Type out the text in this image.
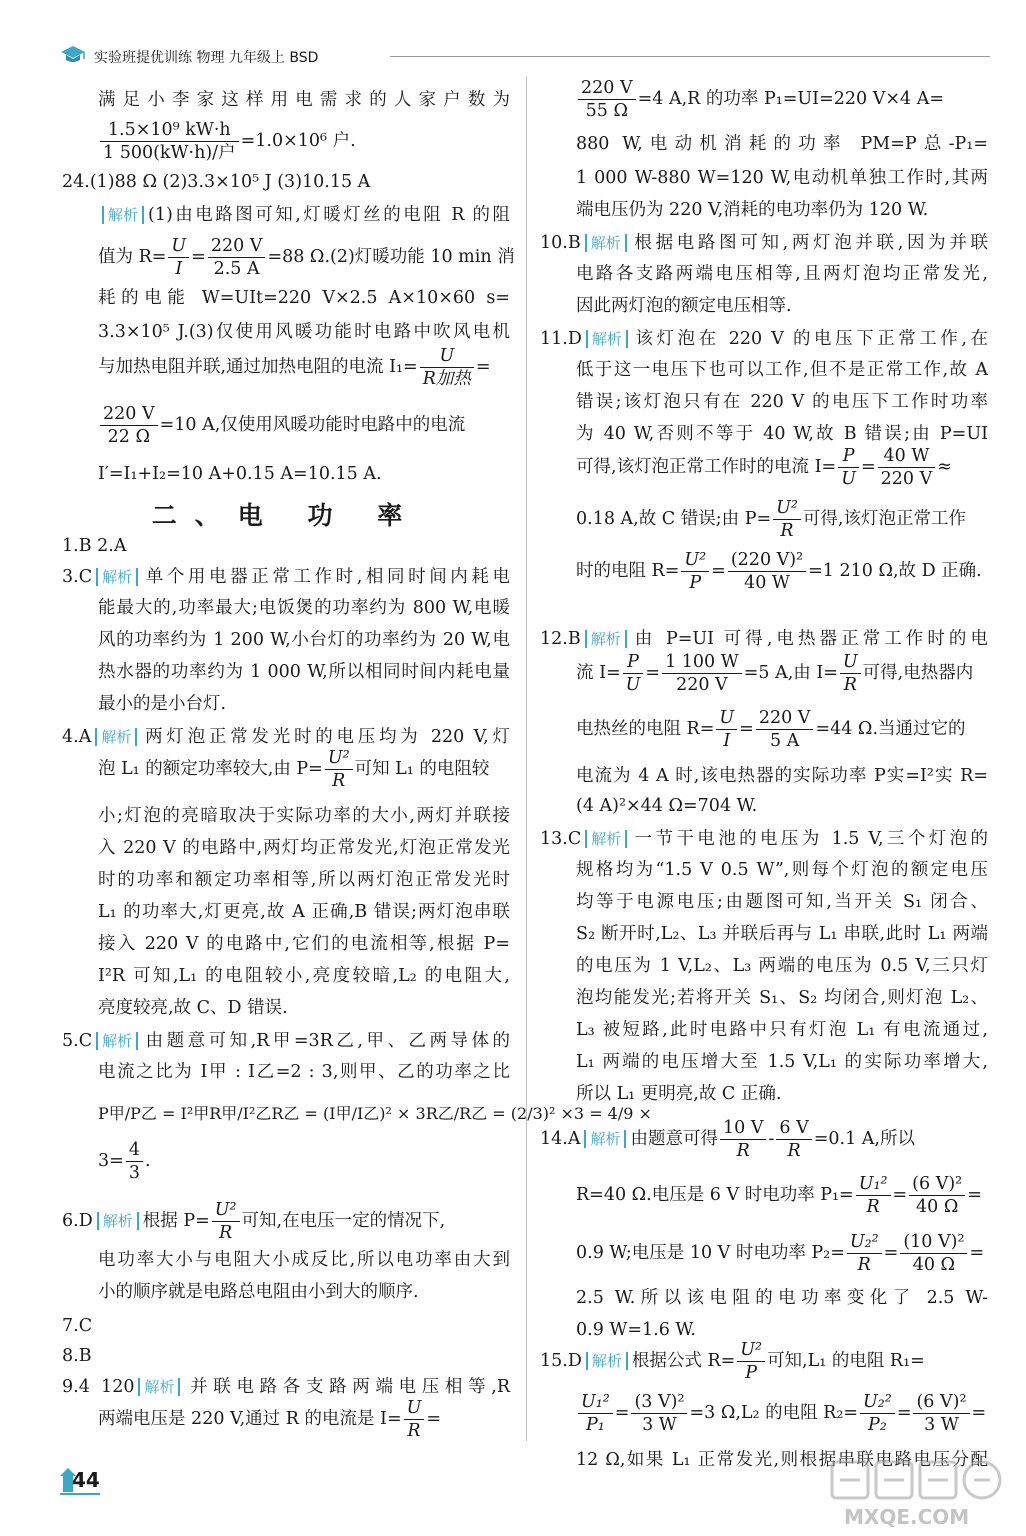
实验班提优训练 物理 九年级上 BSD
满足小李家这样用电需求的人家户数为
$\frac{\text{1.5×10⁹ kW·h}}{\text{1 500(kW·h)/户}} =1.0\times 10^6$ 户.
24.(1)88 Ω (2)3.3×10⁵ J (3)10.15 A
解析 (1)由电路图可知,灯暖灯丝的电阻 R 的阻
值为 $R= \frac{U}{I} = \frac{220 V}{2.5 A} =88$ Ω.(2)灯暖功能 10 min 消
耗的电能 W=UIt=220 V×2.5 A×10×60 s=
3.3×10⁵ J.(3)仅使用风暖功能时电路中吹风电机
与加热电阻并联,通过加热电阻的电流 $I_1= \frac{U}{\text{R加热}}$ =
$\frac{220 V}{22 \Omega} =10$ A,仅使用风暖功能时电路中的电流
I′=I₁+I₂=10 A+0.15 A=10.15 A.
二、电 功 率
1.B 2.A
3.C 解析 单个用电器正常工作时,相同时间内耗电
能最大的,功率最大;电饭煲的功率约为 800 W,电暖
风的功率约为 1 200 W,小台灯的功率约为 20 W,电
热水器的功率约为 1 000 W,所以相同时间内耗电量
最小的是小台灯.
4.A 解析 两灯泡正常发光时的电压均为 220 V,灯
泡 L₁ 的额定功率较大,由 $P= \frac{\text{U²}}{R}$ 可知 L₁ 的电阻较
小;灯泡的亮暗取决于实际功率的大小,两灯并联接
入 220 V 的电路中,两灯均正常发光,灯泡正常发光
时的功率和额定功率相等,所以两灯泡正常发光时
L₁ 的功率大,灯更亮,故 A 正确,B 错误;两灯泡串联
接入 220 V 的电路中,它们的电流相等,根据 P=
I²R 可知,L₁ 的电阻较小,亮度较暗,L₂ 的电阻大,
亮度较亮,故 C、D 错误.
5.C 解析 由题意可知,R甲=3R乙,甲、乙两导体的
电流之比为 I甲 : I乙=2 : 3,则甲、乙的功率之比
P甲/P乙 = I²甲R甲/I²乙R乙 = (I甲/I乙)² × 3R乙/R乙 = (2/3)² ×3 = 4/9 ×
$3= \frac{4}{3}$ .
6.D 解析 根据 $P= \frac{\text{U²}}{R}$ 可知,在电压一定的情况下,
电功率大小与电阻大小成反比,所以电功率由大到
小的顺序就是电路总电阻由小到大的顺序.
7.C
8.B
9.4 120 解析 并联电路各支路两端电压相等,R
两端电压是 220 V,通过 R 的电流是 $I= \frac{U}{R}$ =
$\frac{220 V}{55 \Omega} =4$ A,R 的功率 P₁=UI=220 V×4 A=
880 W,电动机消耗的功率 PM=P总-P₁=
1 000 W-880 W=120 W,电动机单独工作时,其两
端电压仍为 220 V,消耗的电功率仍为 120 W.
10.B 解析 根据电路图可知,两灯泡并联,因为并联
电路各支路两端电压相等,且两灯泡均正常发光,
因此两灯泡的额定电压相等.
11.D 解析 该灯泡在 220 V 的电压下正常工作,在
低于这一电压下也可以工作,但不是正常工作,故 A
错误;该灯泡只有在 220 V 的电压下工作时功率
为 40 W,否则不等于 40 W,故 B 错误;由 P=UI
可得,该灯泡正常工作时的电流 $I= \frac{P}{U} = \frac{40 W}{220 V}$ ≈
0.18 A,故 C 错误;由 $P= \frac{\text{U²}}{R}$ 可得,该灯泡正常工作
时的电阻 $R= \frac{\text{U²}}{P} = \frac{\text{(220 V)²}}{40 W} =1$ 210 Ω,故 D 正确.
12.B 解析 由 P=UI 可得,电热器正常工作时的电
流 $I= \frac{P}{U} = \frac{1 100 W}{220 V} =5$ A,由 $I= \frac{U}{R}$ 可得,电热器内
电热丝的电阻 $R= \frac{U}{I} = \frac{220 V}{5 A} =44$ Ω.当通过它的
电流为 4 A 时,该电热器的实际功率 P实=I²实 R=
(4 A)²×44 Ω=704 W.
13.C 解析 一节干电池的电压为 1.5 V,三个灯泡的
规格均为“1.5 V 0.5 W”,则每个灯泡的额定电压
均等于电源电压;由题图可知,当开关 S₁ 闭合、
S₂ 断开时,L₂、L₃ 并联后再与 L₁ 串联,此时 L₁ 两端
的电压为 1 V,L₂、L₃ 两端的电压为 0.5 V,三只灯
泡均能发光;若将开关 S₁、S₂ 均闭合,则灯泡 L₂、
L₃ 被短路,此时电路中只有灯泡 L₁ 有电流通过,
L₁ 两端的电压增大至 1.5 V,L₁ 的实际功率增大,
所以 L₁ 更明亮,故 C 正确.
14.A 解析 由题意可得 $\frac{10 V}{R} - \frac{6 V}{R} =0.1$ A,所以
R=40 Ω.电压是 6 V 时电功率 $P_1= \frac{\text{U₁²}}{R} = \frac{\text{(6 V)²}}{40 \Omega}$ =
0.9 W;电压是 10 V 时电功率 $P_2= \frac{\text{U₂²}}{R} = \frac{\text{(10 V)²}}{40 \Omega}$ =
2.5 W.所以该电阻的电功率变化了 2.5 W-
0.9 W=1.6 W.
15.D 解析 根据公式 $R= \frac{\text{U²}}{P}$ 可知,L₁ 的电阻 R₁=
$\frac{\text{U₁²}}{\text{P₁}} = \frac{\text{(3 V)²}}{3 W} =3$ Ω,L₂ 的电阻 $R_2= \frac{\text{U₂²}}{\text{P₂}} = \frac{\text{(6 V)²}}{3 W}$ =
12 Ω,如果 L₁ 正常发光,则根据串联电路电压分配
44
MXQE.COM
